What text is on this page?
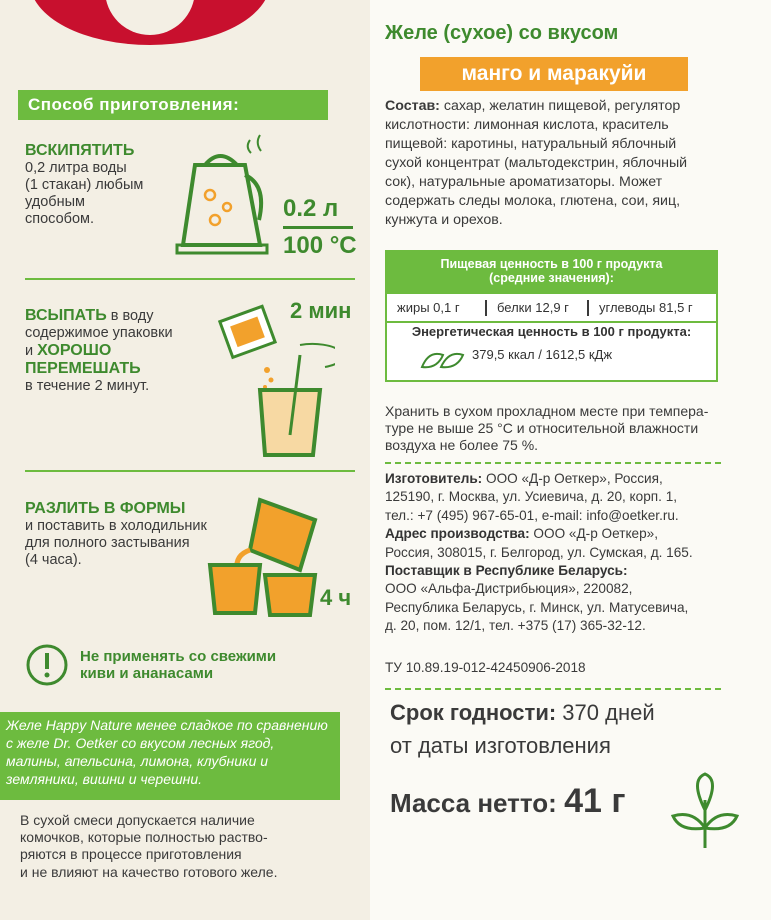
Способ приготовления:
ВСКИПЯТИТЬ
0,2 литра воды
(1 стакан) любым
удобным
способом.	0.2 л
100 °С
ВСЫПАТЬ в воду
содержимое упаковки
и ХОРОШО
ПЕРЕМЕШАТЬ
в течение 2 минут.
2 мин
РАЗЛИТЬ В ФОРМЫ
и поставить в холодильник
для полного застывания
(4 часа).
4 ч
Не применять со свежими
киви и ананасами
Желе Happy Nature менее сладкое по сравнению с желе Dr. Oetker со вкусом лесных ягод, малины, апельсина, лимона, клубники и земляники, вишни и черешни.
В сухой смеси допускается наличие
комочков, которые полностью раство-
ряются в процессе приготовления
и не влияют на качество готового желе.
Желе (сухое) со вкусом
манго и маракуйи
Состав: сахар, желатин пищевой, регулятор кислотности: лимонная кислота, краситель пищевой: каротины, натуральный яблочный сухой концентрат (мальтодекстрин, яблочный сок), натуральные ароматизаторы. Может содержать следы молока, глютена, сои, яиц, кунжута и орехов.
Пищевая ценность в 100 г продукта
(средние значения):
жиры 0,1 г	белки 12,9 г углеводы 81,5 г
Энергетическая ценность в 100 г продукта:
379,5 ккал / 1612,5 кДж
Хранить в сухом прохладном месте при темпера-
туре не выше 25 °С и относительной влажности
воздуха не более 75 %.
Изготовитель: ООО «Д-р Оеткер», Россия,
125190, г. Москва, ул. Усиевича, д. 20, корп. 1,
тел.: +7 (495) 967-65-01, e-mail: info@oetker.ru.
Адрес производства: ООО «Д-р Оеткер»,
Россия, 308015, г. Белгород, ул. Сумская, д. 165.
Поставщик в Республике Беларусь:
ООО «Альфа-Дистрибьюция», 220082,
Республика Беларусь, г. Минск, ул. Матусевича,
д. 20, пом. 12/1, тел. +375 (17) 365-32-12.
ТУ 10.89.19-012-42450906-2018
Срок годности: 370 дней
от даты изготовления
Масса нетто: 41 г
